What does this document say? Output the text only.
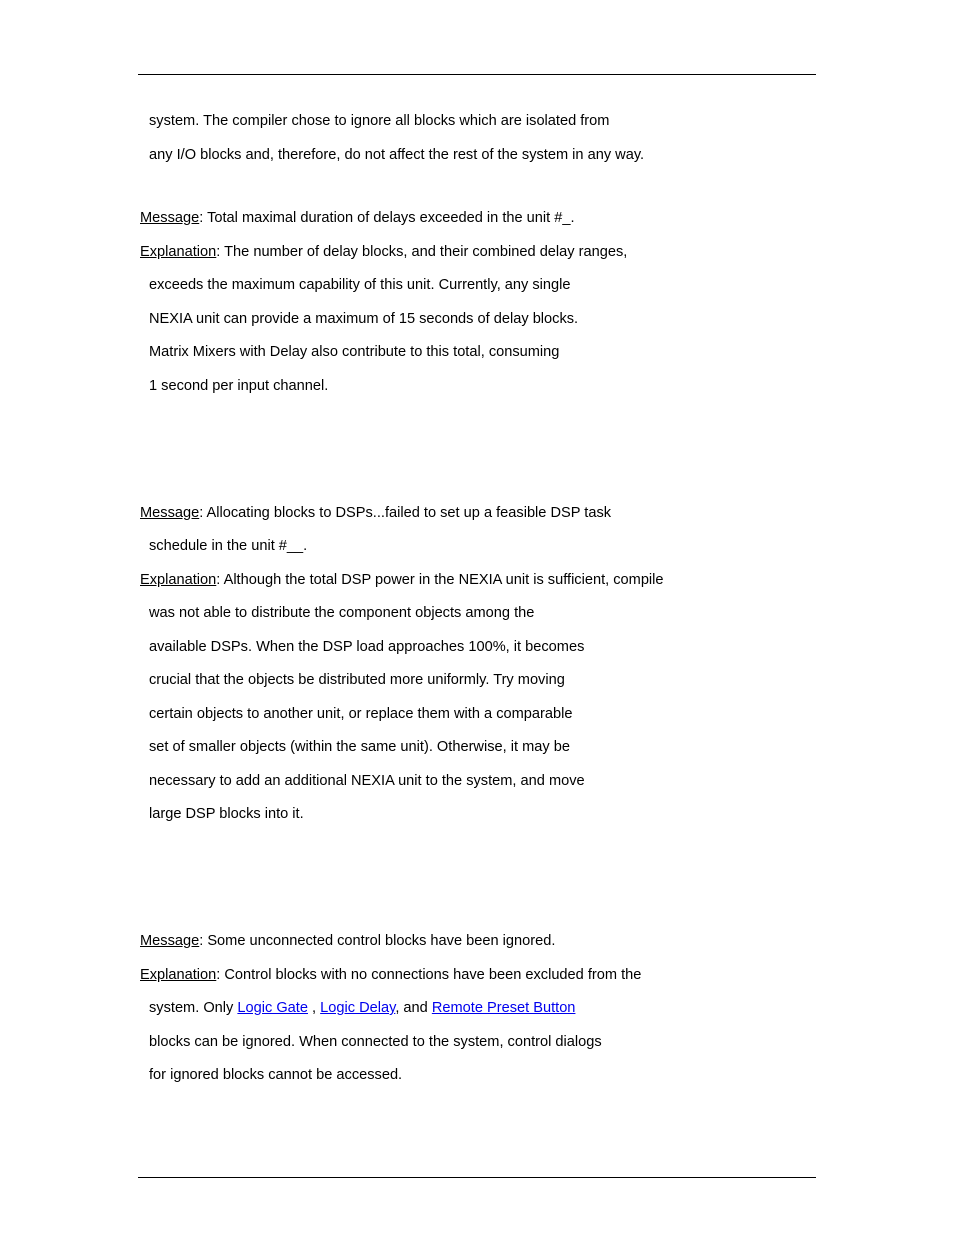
system. The compiler chose to ignore all blocks which are isolated from
any I/O blocks and, therefore, do not affect the rest of the system in any way.
Message: Total maximal duration of delays exceeded in the unit #_.
Explanation: The number of delay blocks, and their combined delay ranges,
exceeds the maximum capability of this unit. Currently, any single
NEXIA unit can provide a maximum of 15 seconds of delay blocks.
Matrix Mixers with Delay also contribute to this total, consuming
1 second per input channel.
Message: Allocating blocks to DSPs...failed to set up a feasible DSP task
schedule in the unit #__.
Explanation: Although the total DSP power in the NEXIA unit is sufficient, compile
was not able to distribute the component objects among the
available DSPs. When the DSP load approaches 100%, it becomes
crucial that the objects be distributed more uniformly. Try moving
certain objects to another unit, or replace them with a comparable
set of smaller objects (within the same unit). Otherwise, it may be
necessary to add an additional NEXIA unit to the system, and move
large DSP blocks into it.
Message: Some unconnected control blocks have been ignored.
Explanation: Control blocks with no connections have been excluded from the
system. Only Logic Gate , Logic Delay, and Remote Preset Button
blocks can be ignored. When connected to the system, control dialogs
for ignored blocks cannot be accessed.
